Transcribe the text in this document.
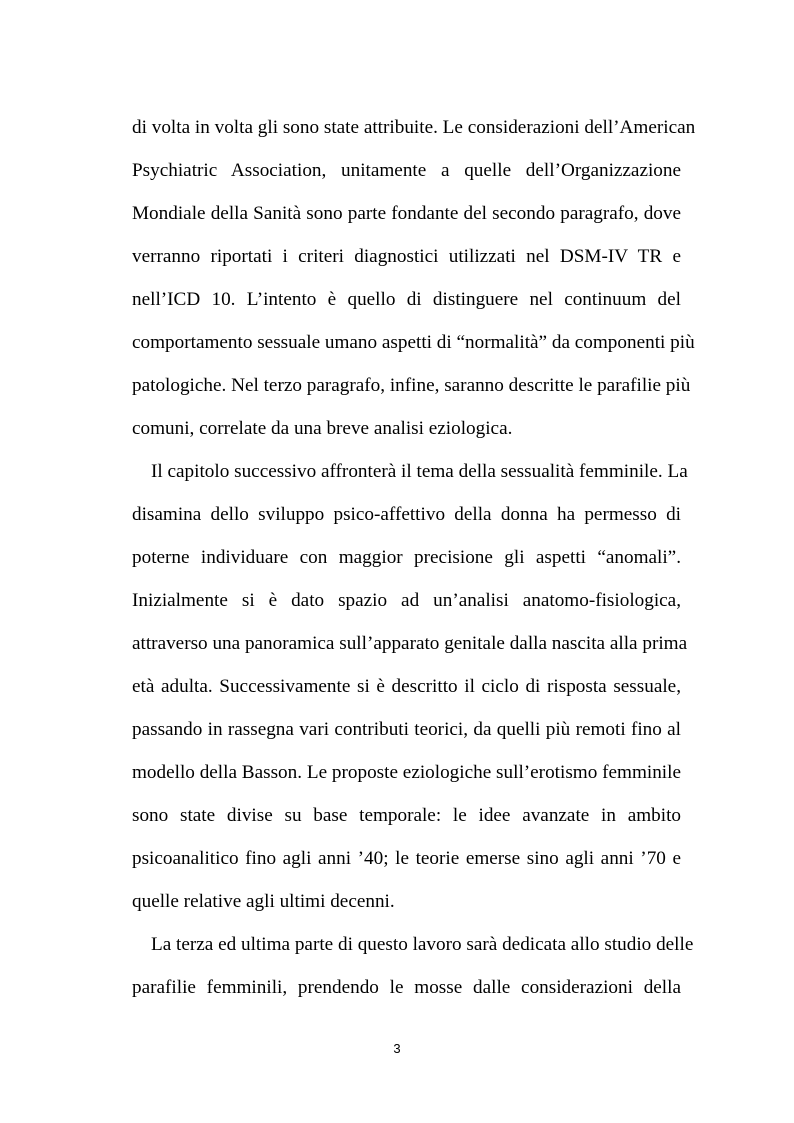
di volta in volta gli sono state attribuite. Le considerazioni dell’American
Psychiatric Association, unitamente a quelle dell’Organizzazione
Mondiale della Sanità sono parte fondante del secondo paragrafo, dove
verranno riportati i criteri diagnostici utilizzati nel DSM-IV TR e
nell’ICD 10. L’intento è quello di distinguere nel continuum del
comportamento sessuale umano aspetti di “normalità” da componenti più
patologiche. Nel terzo paragrafo, infine, saranno descritte le parafilie più
comuni, correlate da una breve analisi eziologica.
Il capitolo successivo affronterà il tema della sessualità femminile. La
disamina dello sviluppo psico-affettivo della donna ha permesso di
poterne individuare con maggior precisione gli aspetti “anomali”.
Inizialmente si è dato spazio ad un’analisi anatomo-fisiologica,
attraverso una panoramica sull’apparato genitale dalla nascita alla prima
età adulta. Successivamente si è descritto il ciclo di risposta sessuale,
passando in rassegna vari contributi teorici, da quelli più remoti fino al
modello della Basson. Le proposte eziologiche sull’erotismo femminile
sono state divise su base temporale: le idee avanzate in ambito
psicoanalitico fino agli anni ’40; le teorie emerse sino agli anni ’70 e
quelle relative agli ultimi decenni.
La terza ed ultima parte di questo lavoro sarà dedicata allo studio delle
parafilie femminili, prendendo le mosse dalle considerazioni della
3
